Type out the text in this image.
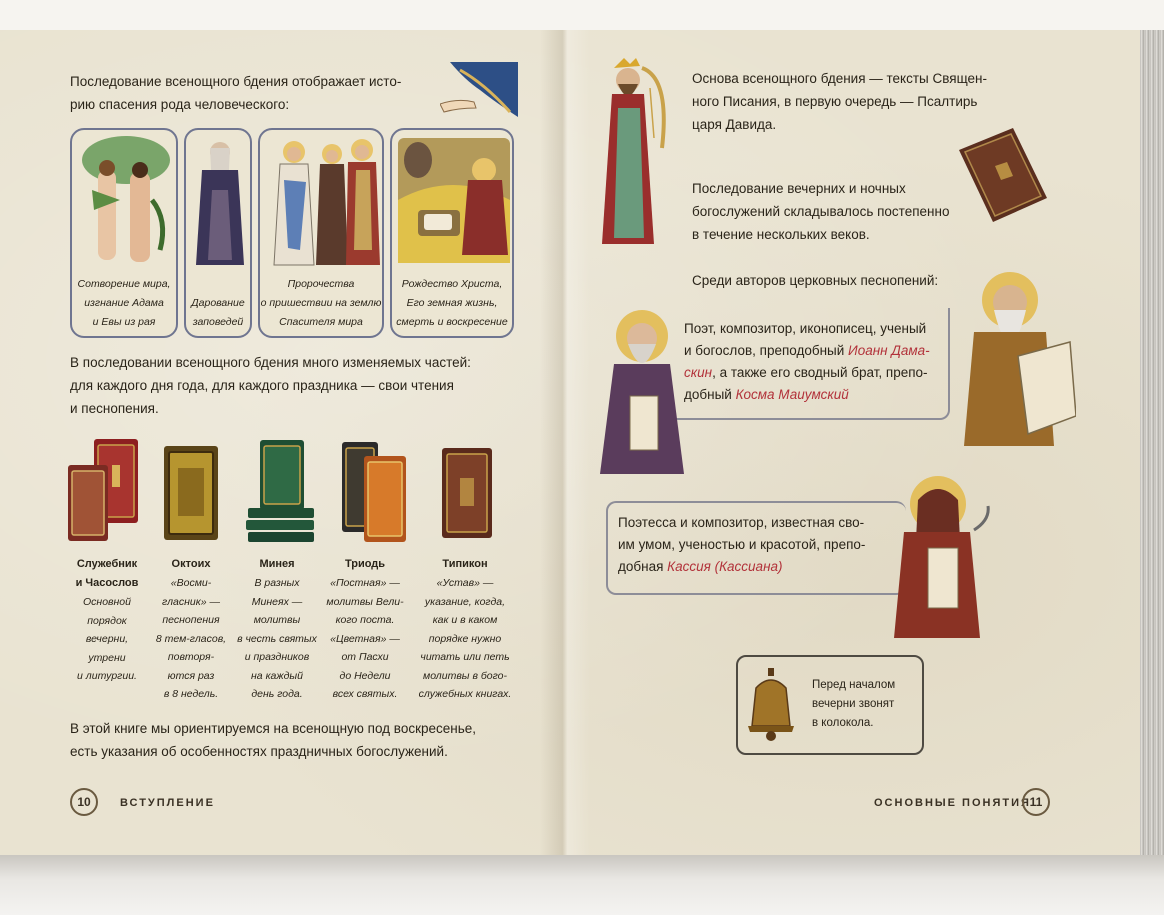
Последование всенощного бдения отображает исто-
рию спасения рода человеческого:
Сотворение мира,
изгнание Адама
и Евы из рая
Дарование
заповедей
Пророчества
о пришествии на землю
Спасителя мира
Рождество Христа,
Его земная жизнь,
смерть и воскресение
В последовании всенощного бдения много изменяемых частей:
для каждого дня года, для каждого праздника — свои чтения
и песнопения.
Служебник
и Часослов
Основной
порядок
вечерни,
утрени
и литургии.
Октоих
«Восми-
гласник» —
песнопения
8 тем-гласов,
повторя-
ются раз
в 8 недель.
Минея
В разных
Минеях —
молитвы
в честь святых
и праздников
на каждый
день года.
Триодь
«Постная» —
молитвы Вели-
кого поста.
«Цветная» —
от Пасхи
до Недели
всех святых.
Типикон
«Устав» —
указание, когда,
как и в каком
порядке нужно
читать или петь
молитвы в бого-
служебных книгах.
В этой книге мы ориентируемся на всенощную под воскресенье,
есть указания об особенностях праздничных богослужений.
10	ВСТУПЛЕНИЕ
Основа всенощного бдения — тексты Священ-
ного Писания, в первую очередь — Псалтирь
царя Давида.
Последование вечерних и ночных
богослужений складывалось постепенно
в течение нескольких веков.
Среди авторов церковных песнопений:
Поэт, композитор, иконописец, ученый
и богослов, преподобный Иоанн Дама-
скин, а также его сводный брат, препо-
добный Косма Маиумский
Поэтесса и композитор, известная сво-
им умом, ученостью и красотой, препо-
добная Кассия (Кассиана)
Перед началом
вечерни звонят
в колокола.
ОСНОВНЫЕ ПОНЯТИЯ
11
